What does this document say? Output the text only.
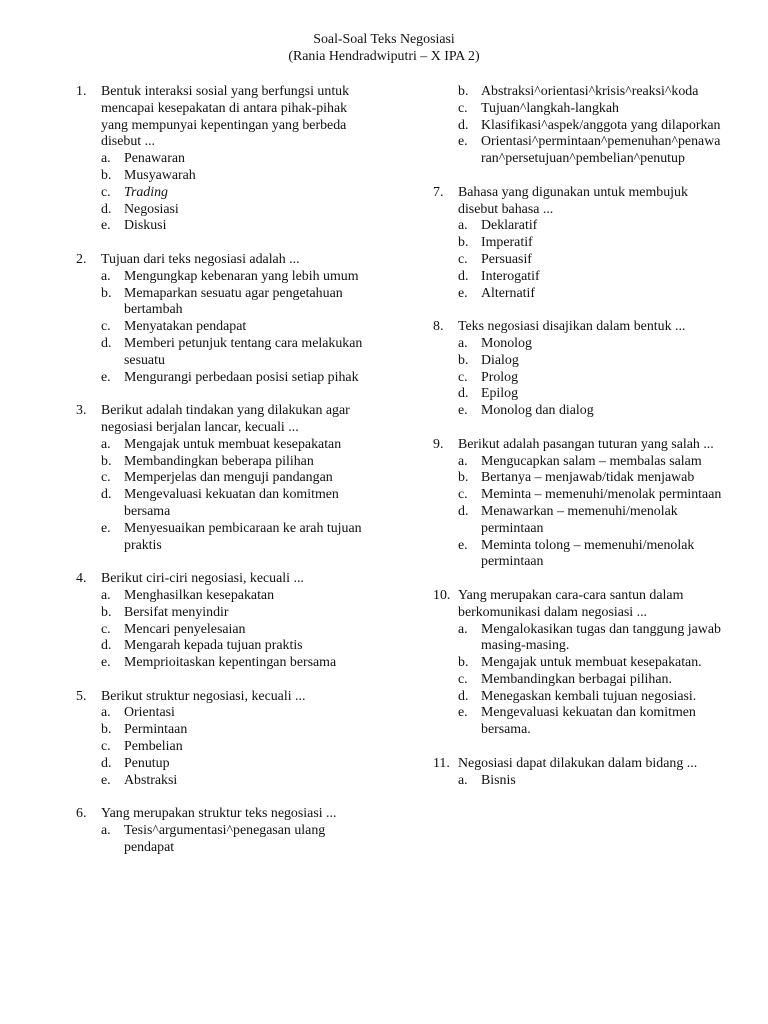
Soal-Soal Teks Negosiasi
(Rania Hendradwiputri – X IPA 2)
1.	Bentuk interaksi sosial yang berfungsi untuk mencapai kesepakatan di antara pihak-pihak yang mempunyai kepentingan yang berbeda disebut ...
a. Penawaran
b. Musyawarah
c. Trading
d. Negosiasi
e. Diskusi
2.	Tujuan dari teks negosiasi adalah ...
a. Mengungkap kebenaran yang lebih umum
b. Memaparkan sesuatu agar pengetahuan bertambah
c. Menyatakan pendapat
d. Memberi petunjuk tentang cara melakukan sesuatu
e. Mengurangi perbedaan posisi setiap pihak
3.	Berikut adalah tindakan yang dilakukan agar negosiasi berjalan lancar, kecuali ...
a. Mengajak untuk membuat kesepakatan
b. Membandingkan beberapa pilihan
c. Memperjelas dan menguji pandangan
d. Mengevaluasi kekuatan dan komitmen bersama
e. Menyesuaikan pembicaraan ke arah tujuan praktis
4.	Berikut ciri-ciri negosiasi, kecuali ...
a. Menghasilkan kesepakatan
b. Bersifat menyindir
c. Mencari penyelesaian
d. Mengarah kepada tujuan praktis
e. Memprioitaskan kepentingan bersama
5.	Berikut struktur negosiasi, kecuali ...
a. Orientasi
b. Permintaan
c. Pembelian
d. Penutup
e. Abstraksi
6.	Yang merupakan struktur teks negosiasi ...
a. Tesis^argumentasi^penegasan ulang pendapat
b. Abstraksi^orientasi^krisis^reaksi^koda
c. Tujuan^langkah-langkah
d. Klasifikasi^aspek/anggota yang dilaporkan
e. Orientasi^permintaan^pemenuhan^penawaran^persetujuan^pembelian^penutup
7.	Bahasa yang digunakan untuk membujuk disebut bahasa ...
a. Deklaratif
b. Imperatif
c. Persuasif
d. Interogatif
e. Alternatif
8.	Teks negosiasi disajikan dalam bentuk ...
a. Monolog
b. Dialog
c. Prolog
d. Epilog
e. Monolog dan dialog
9.	Berikut adalah pasangan tuturan yang salah ...
a. Mengucapkan salam – membalas salam
b. Bertanya – menjawab/tidak menjawab
c. Meminta – memenuhi/menolak permintaan
d. Menawarkan – memenuhi/menolak permintaan
e. Meminta tolong – memenuhi/menolak permintaan
10. Yang merupakan cara-cara santun dalam berkomunikasi dalam negosiasi ...
a. Mengalokasikan tugas dan tanggung jawab masing-masing.
b. Mengajak untuk membuat kesepakatan.
c. Membandingkan berbagai pilihan.
d. Menegaskan kembali tujuan negosiasi.
e. Mengevaluasi kekuatan dan komitmen bersama.
11. Negosiasi dapat dilakukan dalam bidang ...
a. Bisnis
